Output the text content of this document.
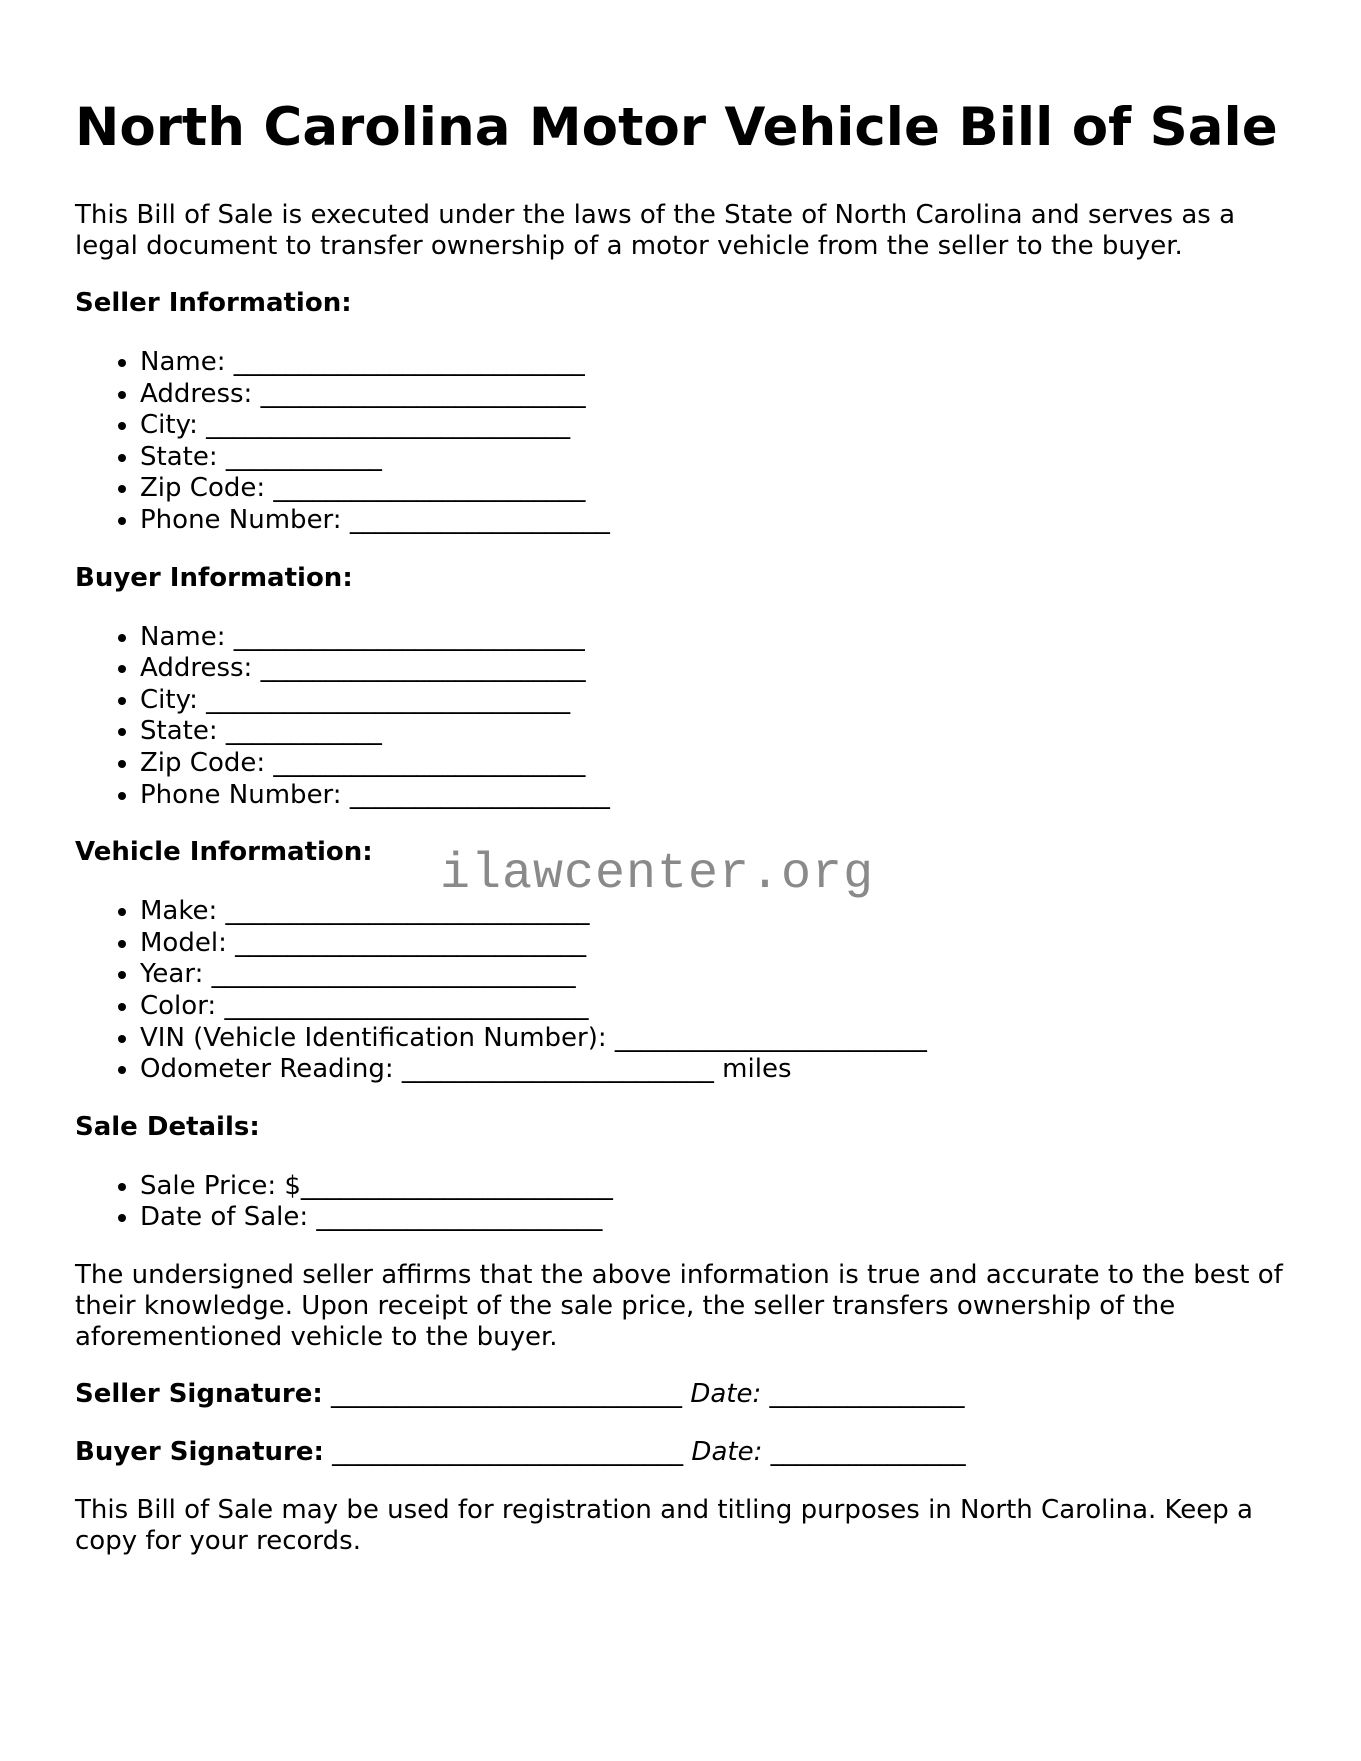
North Carolina Motor Vehicle Bill of Sale

This Bill of Sale is executed under the laws of the State of North Carolina and serves as a legal document to transfer ownership of a motor vehicle from the seller to the buyer.

Seller Information:
• Name: ___________________________
• Address: _________________________
• City: ____________________________
• State: ____________
• Zip Code: ________________________
• Phone Number: ____________________
Buyer Information:
• Name: ___________________________
• Address: _________________________
• City: ____________________________
• State: ____________
• Zip Code: ________________________
• Phone Number: ____________________
Vehicle Information:
• Make: ____________________________
• Model: ___________________________
• Year: ____________________________
• Color: ____________________________
• VIN (Vehicle Identification Number): ________________________
• Odometer Reading: ________________________ miles
Sale Details:
• Sale Price: $________________________
• Date of Sale: ______________________

The undersigned seller affirms that the above information is true and accurate to the best of their knowledge. Upon receipt of the sale price, the seller transfers ownership of the aforementioned vehicle to the buyer.

Seller Signature: ___________________________ Date: _______________
Buyer Signature: ___________________________ Date: _______________

This Bill of Sale may be used for registration and titling purposes in North Carolina. Keep a copy for your records.

ilawcenter.org
